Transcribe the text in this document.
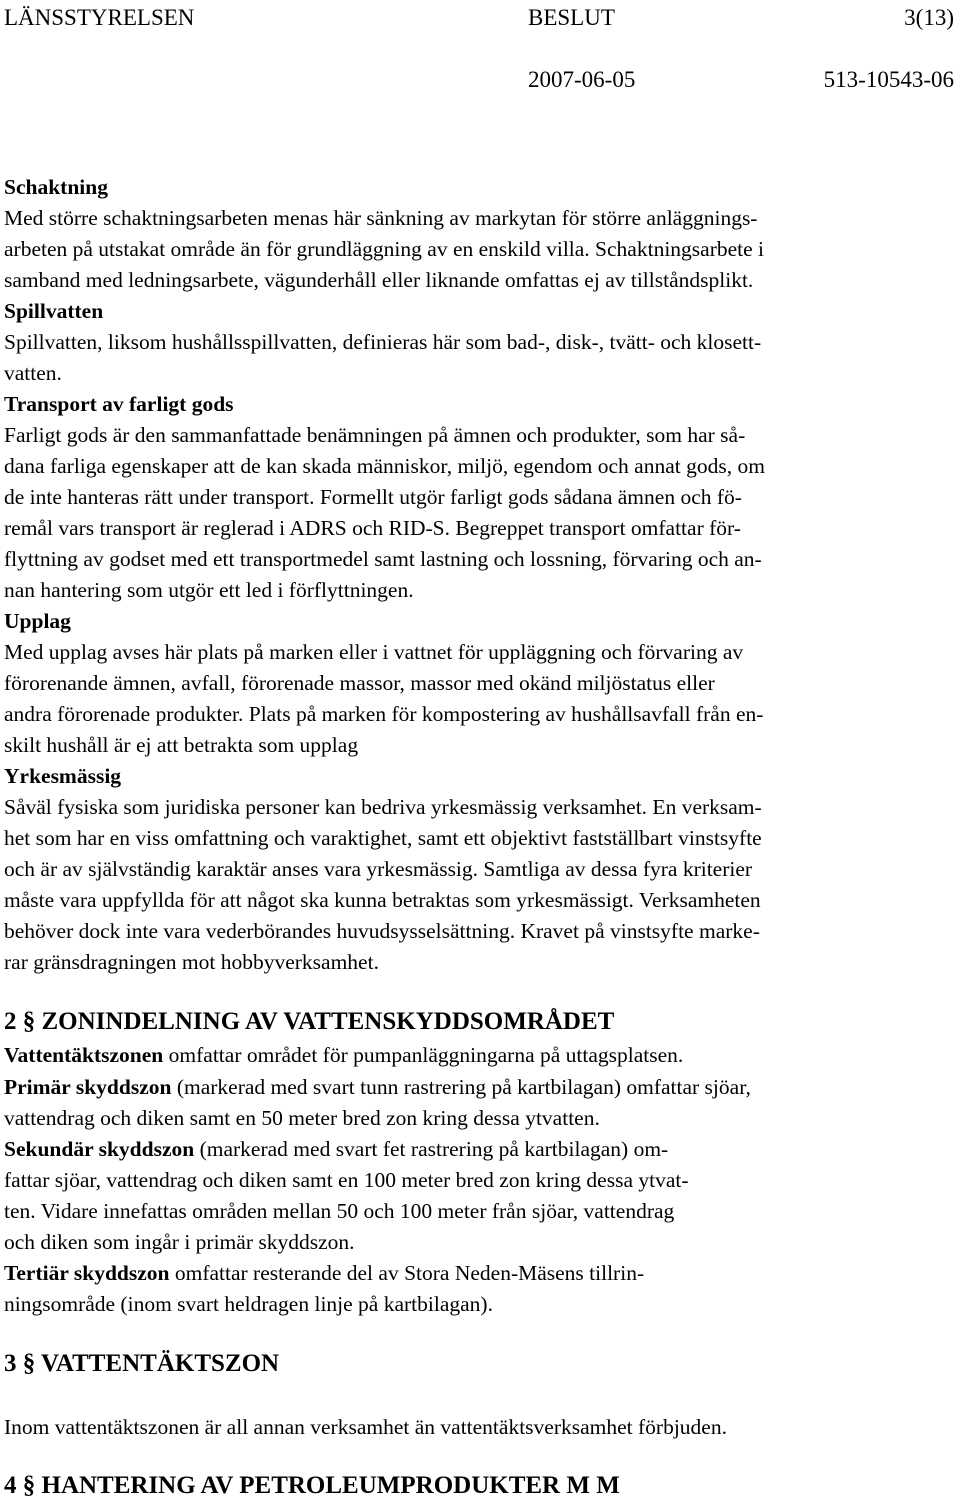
LÄNSSTYRELSEN	BESLUT	3(13)
2007-06-05	513-10543-06
Schaktning
Med större schaktningsarbeten menas här sänkning av markytan för större anläggnings-
arbeten på utstakat område än för grundläggning av en enskild villa. Schaktningsarbete i
samband med ledningsarbete, vägunderhåll eller liknande omfattas ej av tillståndsplikt.
Spillvatten
Spillvatten, liksom hushållsspillvatten, definieras här som bad-, disk-, tvätt- och klosett-
vatten.
Transport av farligt gods
Farligt gods är den sammanfattade benämningen på ämnen och produkter, som har så-
dana farliga egenskaper att de kan skada människor, miljö, egendom och annat gods, om
de inte hanteras rätt under transport. Formellt utgör farligt gods sådana ämnen och fö-
remål vars transport är reglerad i ADRS och RID-S. Begreppet transport omfattar för-
flyttning av godset med ett transportmedel samt lastning och lossning, förvaring och an-
nan hantering som utgör ett led i förflyttningen.
Upplag
Med upplag avses här plats på marken eller i vattnet för uppläggning och förvaring av
förorenande ämnen, avfall, förorenade massor, massor med okänd miljöstatus eller
andra förorenade produkter. Plats på marken för kompostering av hushållsavfall från en-
skilt hushåll är ej att betrakta som upplag
Yrkesmässig
Såväl fysiska som juridiska personer kan bedriva yrkesmässig verksamhet. En verksam-
het som har en viss omfattning och varaktighet, samt ett objektivt fastställbart vinstsyfte
och är av självständig karaktär anses vara yrkesmässig. Samtliga av dessa fyra kriterier
måste vara uppfyllda för att något ska kunna betraktas som yrkesmässigt. Verksamheten
behöver dock inte vara vederbörandes huvudsysselsättning. Kravet på vinstsyfte marke-
rar gränsdragningen mot hobbyverksamhet.
2 § ZONINDELNING AV VATTENSKYDDSOMRÅDET
Vattentäktszonen omfattar området för pumpanläggningarna på uttagsplatsen.
Primär skyddszon (markerad med svart tunn rastrering på kartbilagan) omfattar sjöar,
vattendrag och diken samt en 50 meter bred zon kring dessa ytvatten.
Sekundär skyddszon (markerad med svart fet rastrering på kartbilagan) om-
fattar sjöar, vattendrag och diken samt en 100 meter bred zon kring dessa ytvat-
ten. Vidare innefattas områden mellan 50 och 100 meter från sjöar, vattendrag
och diken som ingår i primär skyddszon.
Tertiär skyddszon omfattar resterande del av Stora Neden-Mäsens tillrin-
ningsområde (inom svart heldragen linje på kartbilagan).
3 § VATTENTÄKTSZON
Inom vattentäktszonen är all annan verksamhet än vattentäktsverksamhet förbjuden.
4 § HANTERING AV PETROLEUMPRODUKTER M M
